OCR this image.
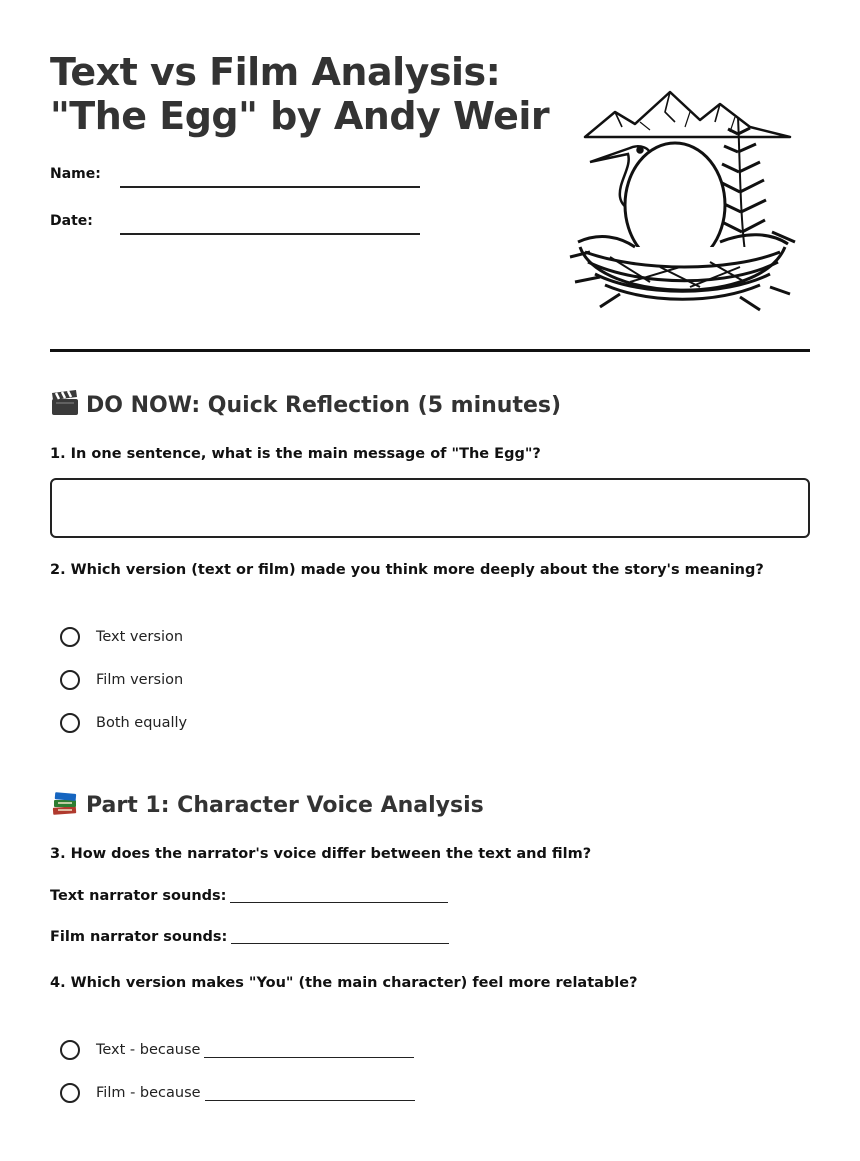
Text vs Film Analysis:
"The Egg" by Andy Weir
Name:
Date:
DO NOW: Quick Reflection (5 minutes)

1. In one sentence, what is the main message of "The Egg"?

2. Which version (text or film) made you think more deeply about the story's meaning?

Text version
Film version
Both equally
Part 1: Character Voice Analysis

3. How does the narrator's voice differ between the text and film?

Text narrator sounds:
Film narrator sounds:

4. Which version makes "You" (the main character) feel more relatable?

Text - because
Film - because
